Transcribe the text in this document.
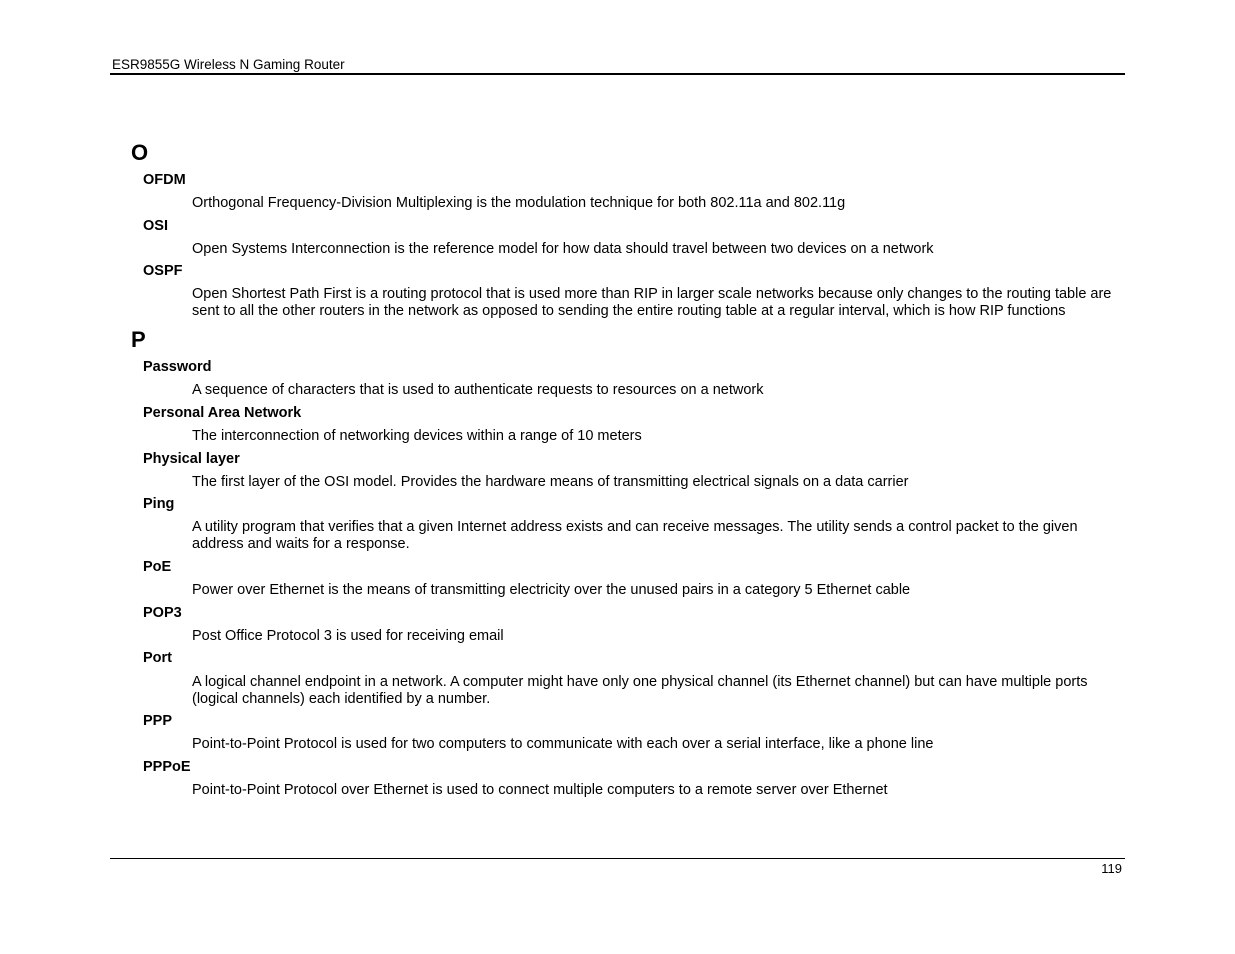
ESR9855G Wireless N Gaming Router
O
OFDM
Orthogonal Frequency-Division Multiplexing is the modulation technique for both 802.11a and 802.11g
OSI
Open Systems Interconnection is the reference model for how data should travel between two devices on a network
OSPF
Open Shortest Path First is a routing protocol that is used more than RIP in larger scale networks because only changes to the routing table are sent to all the other routers in the network as opposed to sending the entire routing table at a regular interval, which is how RIP functions
P
Password
A sequence of characters that is used to authenticate requests to resources on a network
Personal Area Network
The interconnection of networking devices within a range of 10 meters
Physical layer
The first layer of the OSI model. Provides the hardware means of transmitting electrical signals on a data carrier
Ping
A utility program that verifies that a given Internet address exists and can receive messages. The utility sends a control packet to the given address and waits for a response.
PoE
Power over Ethernet is the means of transmitting electricity over the unused pairs in a category 5 Ethernet cable
POP3
Post Office Protocol 3 is used for receiving email
Port
A logical channel endpoint in a network. A computer might have only one physical channel (its Ethernet channel) but can have multiple ports (logical channels) each identified by a number.
PPP
Point-to-Point Protocol is used for two computers to communicate with each over a serial interface, like a phone line
PPPoE
Point-to-Point Protocol over Ethernet is used to connect multiple computers to a remote server over Ethernet
119
